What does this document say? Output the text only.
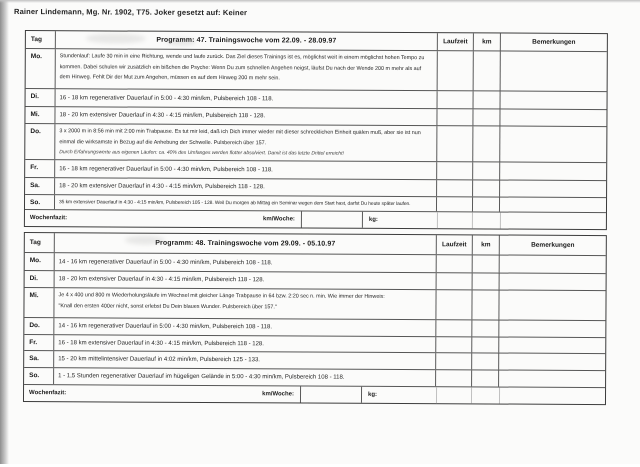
Rainer Lindemann, Mg. Nr. 1902, T75. Joker gesetzt auf: Keiner
Tag	Programm: 47. Trainingswoche vom 22.09. - 28.09.97	Laufzeit	km	Bemerkungen
Mo.	Stundenlauf: Laufe 30 min in eine Richtung, wende und laufe zurück. Das Ziel dieses Trainings ist es, möglichst weit in einem möglichst hohen Tempo zu kommen. Dabei schulen wir zusätzlich ein bißchen die Psyche: Wenn Du zum schnellen Angehen neigst, läufst Du nach der Wende 200 m mehr als auf dem Hinweg. Fehlt Dir der Mut zum Angehen, müssen es auf dem Hinweg 200 m mehr sein.
Di.	16 - 18 km regenerativer Dauerlauf in 5:00 - 4:30 min/km, Pulsbereich 108 - 118.
Mi.	18 - 20 km extensiver Dauerlauf in 4:30 - 4:15 min/km, Pulsbereich 118 - 128.
Do.	3 x 2000 m in 8:56 min mit 2:00 min Trabpause. Es tut mir leid, daß ich Dich immer wieder mit dieser schrecklichen Einheit quälen muß, aber sie ist nun einmal die wirksamste in Bezug auf die Anhebung der Schwelle. Pulsbereich über 157.
Durch Erfahrungswerte aus eigenen Läufen: ca. 40% des Umfanges werden flotter absolviert. Damit ist das letzte Drittel erreicht!
Fr.	16 - 18 km regenerativer Dauerlauf in 5:00 - 4:30 min/km, Pulsbereich 108 - 118.
Sa.	18 - 20 km extensiver Dauerlauf in 4:30 - 4:15 min/km, Pulsbereich 118 - 128.
So.	35 km extensiver Dauerlauf in 4:30 - 4:15 min/km, Pulsbereich 105 - 128. Weil Du morgen ab Mittag ein Seminar wegen dem Start hast, darfst Du heute später laufen.
Wochenfazit:	km/Woche:	kg:
Tag	Programm: 48. Trainingswoche vom 29.09. - 05.10.97	Laufzeit	km	Bemerkungen
Mo.	14 - 16 km regenerativer Dauerlauf in 5:00 - 4:30 min/km, Pulsbereich 108 - 118.
Di.	18 - 20 km extensiver Dauerlauf in 4:30 - 4:15 min/km, Pulsbereich 118 - 128.
Mi.	Je 4 x 400 und 800 m Wiederholungsläufe im Wechsel mit gleicher Länge Trabpause in 64 bzw. 2:20 sec n. min. Wie immer der Hinweis:
"Knall den ersten 400er nicht, sonst erlebst Du Dein blaues Wunder. Pulsbereich über 157."
Do.	14 - 16 km regenerativer Dauerlauf in 5:00 - 4:30 min/km, Pulsbereich 108 - 118.
Fr.	16 - 18 km extensiver Dauerlauf in 4:30 - 4:15 min/km, Pulsbereich 118 - 128.
Sa.	15 - 20 km mittelintensiver Dauerlauf in 4:02 min/km, Pulsbereich 125 - 133.
So.	1 - 1,5 Stunden regenerativer Dauerlauf im hügeligen Gelände in 5:00 - 4:30 min/km, Pulsbereich 108 - 118.
Wochenfazit:	km/Woche:	kg:
